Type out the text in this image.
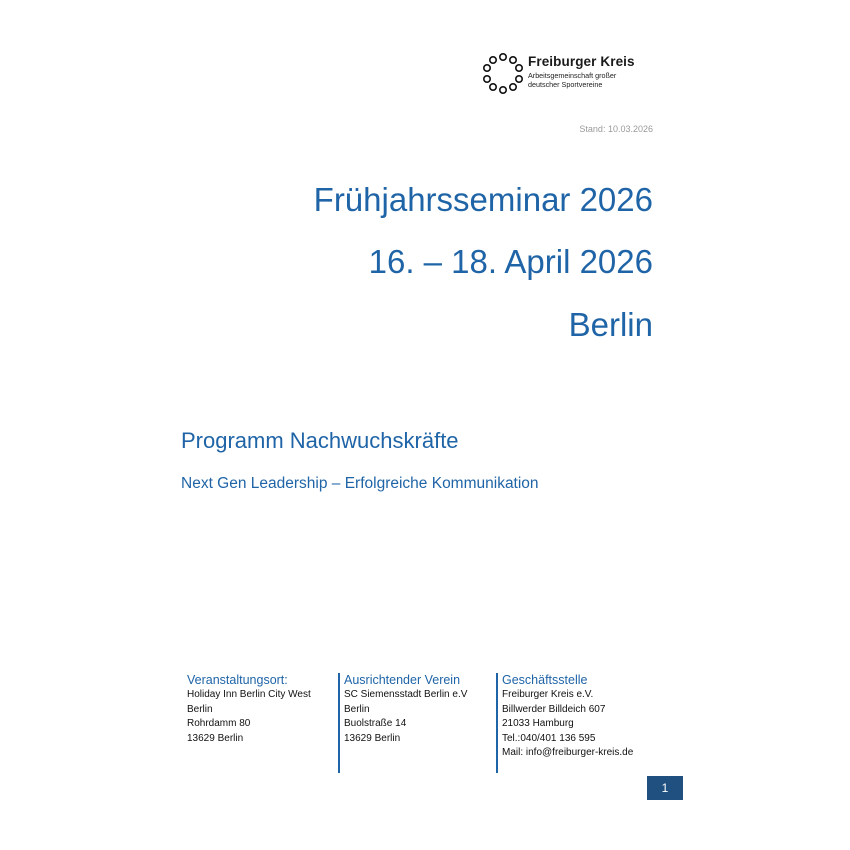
Freiburger Kreis
Arbeitsgemeinschaft großer
deutscher Sportvereine
Stand: 10.03.2026
Frühjahrsseminar 2026
16. – 18. April 2026
Berlin
Programm Nachwuchskräfte
Next Gen Leadership – Erfolgreiche Kommunikation
Veranstaltungsort:
Holiday Inn Berlin City West
Berlin
Rohrdamm 80
13629 Berlin
Ausrichtender Verein
SC Siemensstadt Berlin e.V
Berlin
Buolstraße 14
13629 Berlin
Geschäftsstelle
Freiburger Kreis e.V.
Billwerder Billdeich 607
21033 Hamburg
Tel.:040/401 136 595
Mail: info@freiburger-kreis.de
1
